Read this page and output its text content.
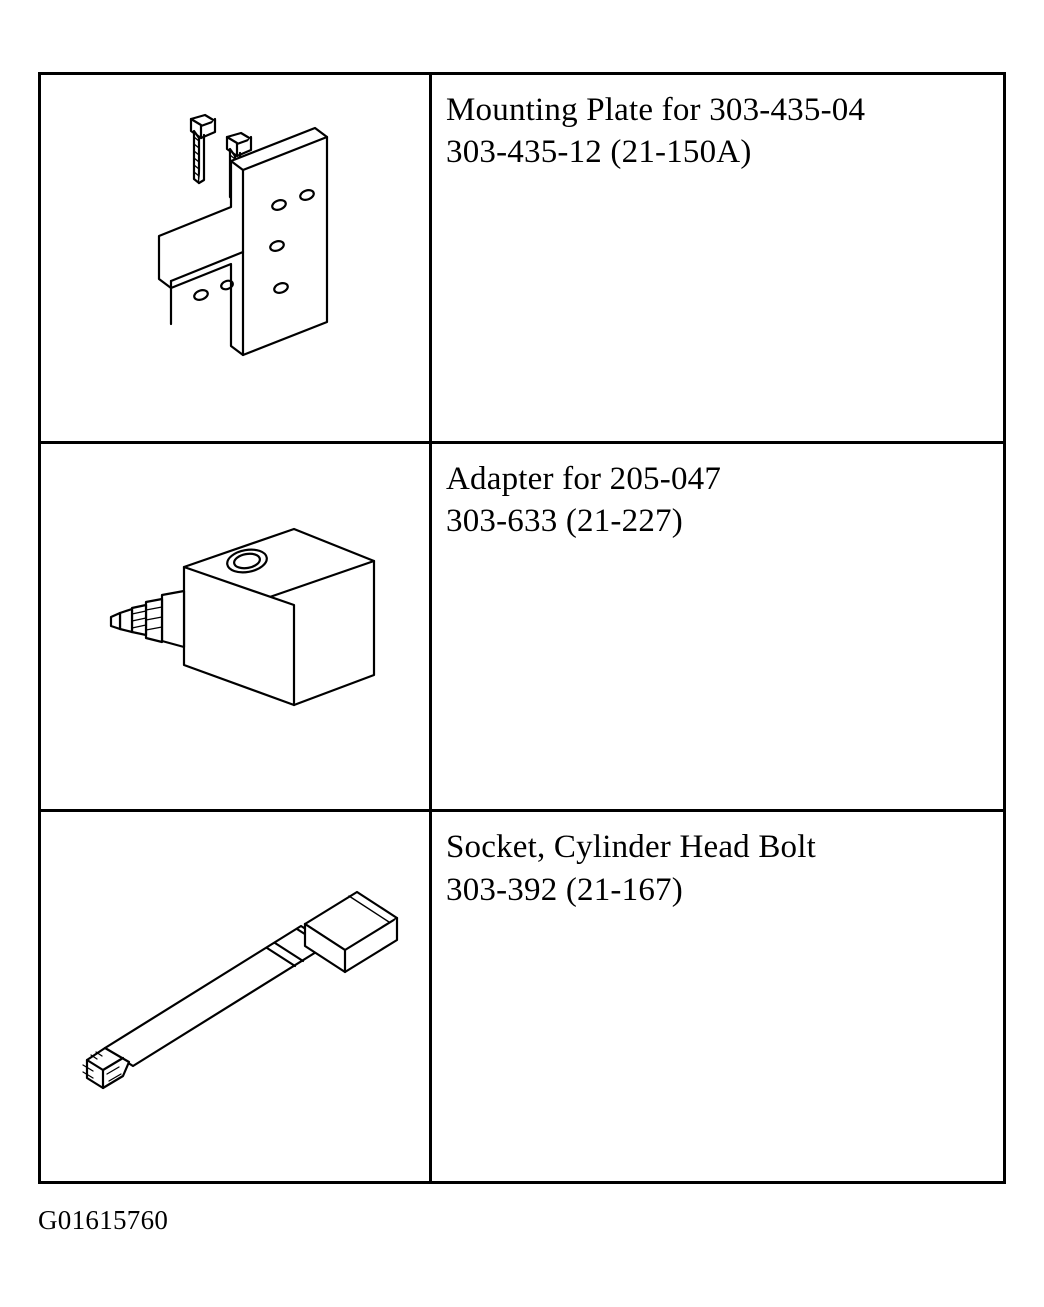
Mounting Plate for 303-435-04
303-435-12 (21-150A)
Adapter for 205-047
303-633 (21-227)
Socket, Cylinder Head Bolt
303-392 (21-167)
G01615760
